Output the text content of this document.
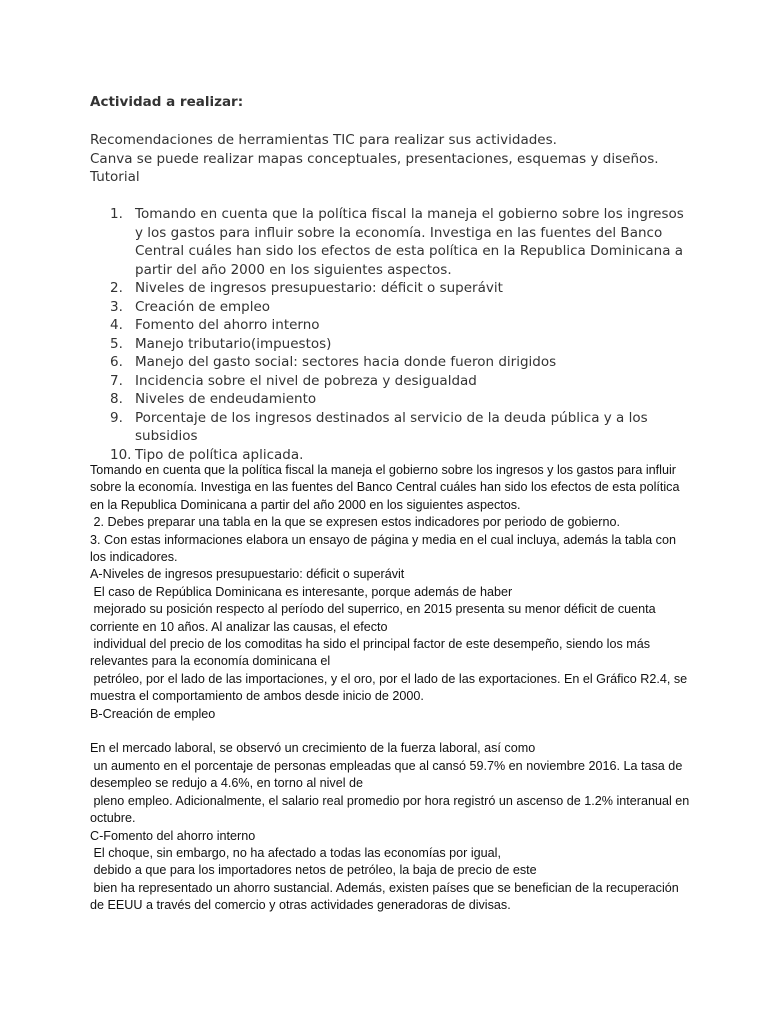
Actividad a realizar:

Recomendaciones de herramientas TIC para realizar sus actividades.

Canva se puede realizar mapas conceptuales, presentaciones, esquemas y diseños.

Tutorial

1. Tomando en cuenta que la política fiscal la maneja el gobierno sobre los ingresos y los gastos para influir sobre la economía. Investiga en las fuentes del Banco Central cuáles han sido los efectos de esta política en la Republica Dominicana a partir del año 2000 en los siguientes aspectos.
2. Niveles de ingresos presupuestario: déficit o superávit
3. Creación de empleo
4. Fomento del ahorro interno
5. Manejo tributario(impuestos)
6. Manejo del gasto social: sectores hacia donde fueron dirigidos
7. Incidencia sobre el nivel de pobreza y desigualdad
8. Niveles de endeudamiento
9. Porcentaje de los ingresos destinados al servicio de la deuda pública y a los subsidios
10. Tipo de política aplicada.

Tomando en cuenta que la política fiscal la maneja el gobierno sobre los ingresos y los gastos para influir sobre la economía. Investiga en las fuentes del Banco Central cuáles han sido los efectos de esta política en la Republica Dominicana a partir del año 2000 en los siguientes aspectos.

2. Debes preparar una tabla en la que se expresen estos indicadores por periodo de gobierno.

3. Con estas informaciones elabora un ensayo de página y media en el cual incluya, además la tabla con los indicadores.

A-Niveles de ingresos presupuestario: déficit o superávit

El caso de República Dominicana es interesante, porque además de haber

mejorado su posición respecto al período del superrico, en 2015 presenta su menor déficit de cuenta corriente en 10 años. Al analizar las causas, el efecto

individual del precio de los comoditas ha sido el principal factor de este desempeño, siendo los más relevantes para la economía dominicana el

petróleo, por el lado de las importaciones, y el oro, por el lado de las exportaciones. En el Gráfico R2.4, se muestra el comportamiento de ambos desde inicio de 2000.

B-Creación de empleo

En el mercado laboral, se observó un crecimiento de la fuerza laboral, así como

un aumento en el porcentaje de personas empleadas que al cansó 59.7% en noviembre 2016. La tasa de desempleo se redujo a 4.6%, en torno al nivel de

pleno empleo. Adicionalmente, el salario real promedio por hora registró un ascenso de 1.2% interanual en octubre.

C-Fomento del ahorro interno

El choque, sin embargo, no ha afectado a todas las economías por igual,

debido a que para los importadores netos de petróleo, la baja de precio de este

bien ha representado un ahorro sustancial. Además, existen países que se benefician de la recuperación de EEUU a través del comercio y otras actividades generadoras de divisas.
